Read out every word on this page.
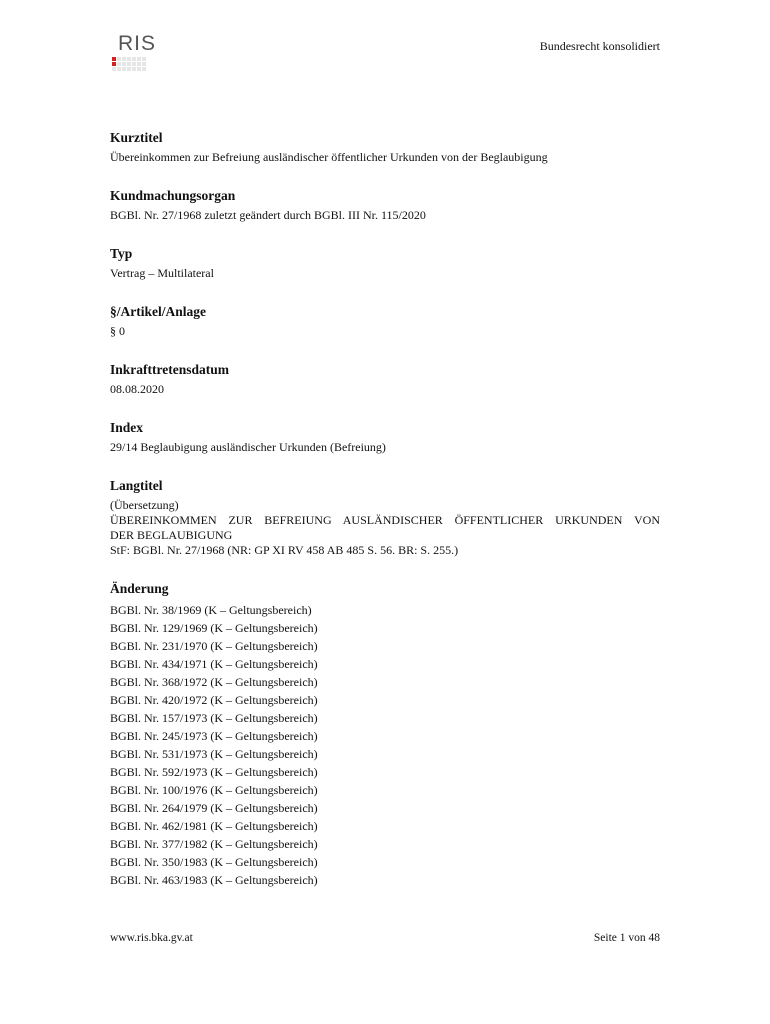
RIS	Bundesrecht konsolidiert

Kurztitel

Übereinkommen zur Befreiung ausländischer öffentlicher Urkunden von der Beglaubigung

Kundmachungsorgan

BGBl. Nr. 27/1968 zuletzt geändert durch BGBl. III Nr. 115/2020

Typ

Vertrag – Multilateral

§/Artikel/Anlage

§ 0

Inkrafttretensdatum

08.08.2020

Index

29/14 Beglaubigung ausländischer Urkunden (Befreiung)

Langtitel

(Übersetzung)

ÜBEREINKOMMEN ZUR BEFREIUNG AUSLÄNDISCHER ÖFFENTLICHER URKUNDEN VON

DER BEGLAUBIGUNG

StF: BGBl. Nr. 27/1968 (NR: GP XI RV 458 AB 485 S. 56. BR: S. 255.)

Änderung

BGBl. Nr. 38/1969 (K – Geltungsbereich)

BGBl. Nr. 129/1969 (K – Geltungsbereich)

BGBl. Nr. 231/1970 (K – Geltungsbereich)

BGBl. Nr. 434/1971 (K – Geltungsbereich)

BGBl. Nr. 368/1972 (K – Geltungsbereich)

BGBl. Nr. 420/1972 (K – Geltungsbereich)

BGBl. Nr. 157/1973 (K – Geltungsbereich)

BGBl. Nr. 245/1973 (K – Geltungsbereich)

BGBl. Nr. 531/1973 (K – Geltungsbereich)

BGBl. Nr. 592/1973 (K – Geltungsbereich)

BGBl. Nr. 100/1976 (K – Geltungsbereich)

BGBl. Nr. 264/1979 (K – Geltungsbereich)

BGBl. Nr. 462/1981 (K – Geltungsbereich)

BGBl. Nr. 377/1982 (K – Geltungsbereich)

BGBl. Nr. 350/1983 (K – Geltungsbereich)

BGBl. Nr. 463/1983 (K – Geltungsbereich)

www.ris.bka.gv.at	Seite 1 von 48
